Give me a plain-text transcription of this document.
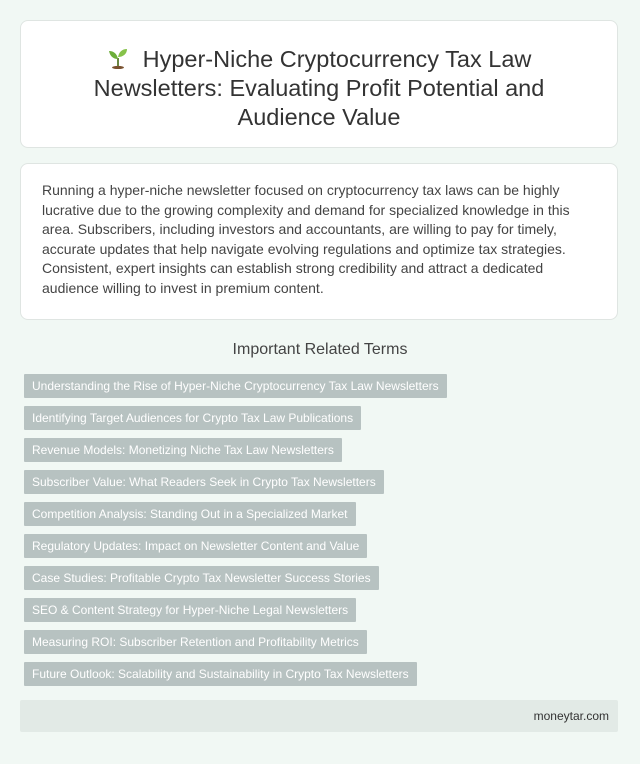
Hyper-Niche Cryptocurrency Tax Law Newsletters: Evaluating Profit Potential and Audience Value

Running a hyper-niche newsletter focused on cryptocurrency tax laws can be highly lucrative due to the growing complexity and demand for specialized knowledge in this area. Subscribers, including investors and accountants, are willing to pay for timely, accurate updates that help navigate evolving regulations and optimize tax strategies. Consistent, expert insights can establish strong credibility and attract a dedicated audience willing to invest in premium content.

Important Related Terms
Understanding the Rise of Hyper-Niche Cryptocurrency Tax Law Newsletters
Identifying Target Audiences for Crypto Tax Law Publications
Revenue Models: Monetizing Niche Tax Law Newsletters
Subscriber Value: What Readers Seek in Crypto Tax Newsletters
Competition Analysis: Standing Out in a Specialized Market
Regulatory Updates: Impact on Newsletter Content and Value
Case Studies: Profitable Crypto Tax Newsletter Success Stories
SEO & Content Strategy for Hyper-Niche Legal Newsletters
Measuring ROI: Subscriber Retention and Profitability Metrics
Future Outlook: Scalability and Sustainability in Crypto Tax Newsletters
moneytar.com
